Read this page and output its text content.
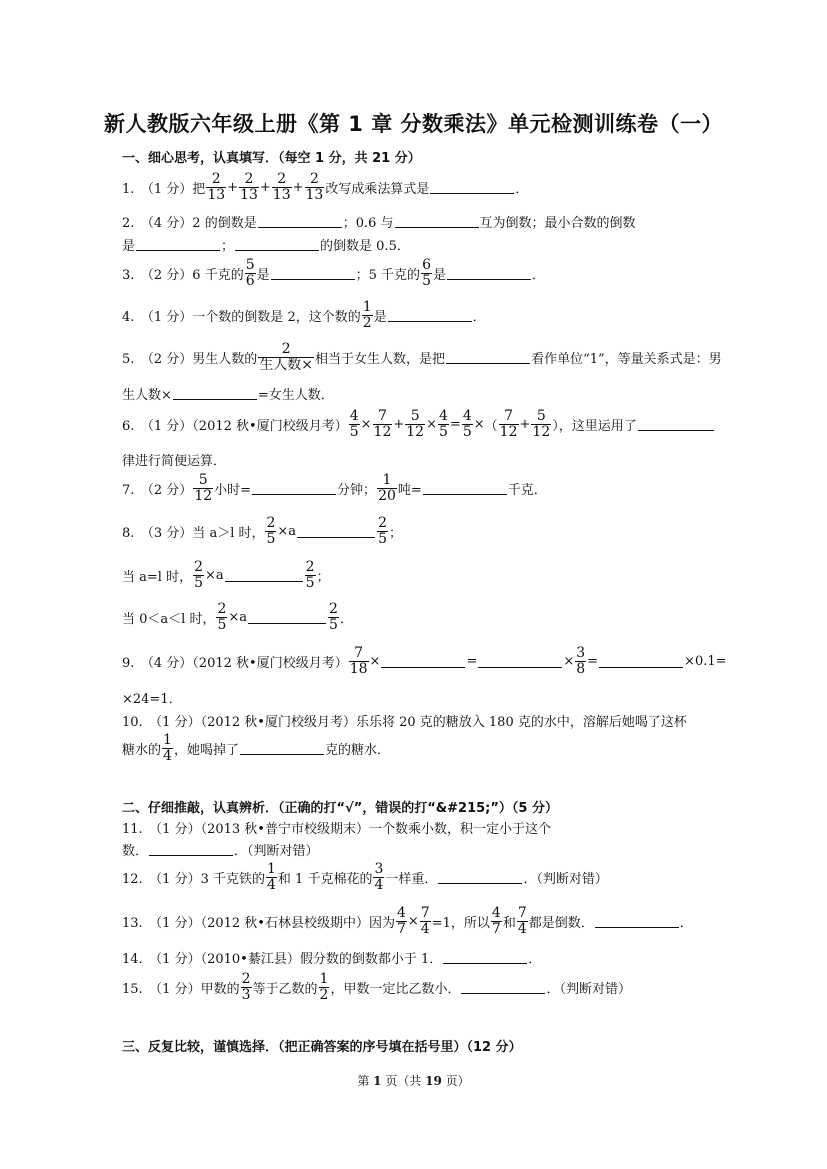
新人教版六年级上册《第 1 章 分数乘法》单元检测训练卷（一）
一、细心思考，认真填写．（每空 1 分，共 21 分）
1.　（1 分）把 $\frac{2}{13} + \frac{2}{13} + \frac{2}{13} + \frac{2}{13}$ 改写成乘法算式是	．
2.　（4 分）2 的倒数是	；0.6 与	互为倒数；最小合数的倒数
是	；	的倒数是 0.5．
3.　（2 分）6 千克的 $\frac{5}{6}$ 是	；5 千克的 $\frac{6}{5}$ 是	．
4.　（1 分）一个数的倒数是 2，这个数的 $\frac{1}{2}$ 是	．
5.　（2 分）男生人数的 $\frac{2}{\text{生人数×}}$ 相当于女生人数，是把	看作单位“1”，等量关系式是：男
生人数×	=女生人数．
6.　（1 分）（2012 秋•厦门校级月考） $\frac{4}{5} \times \frac{7}{12} + \frac{5}{12} \times \frac{4}{5} = \frac{4}{5}$ × （ $\frac{7}{12} + \frac{5}{12}$ ），这里运用了
律进行简便运算．
7.　（2 分） $\frac{5}{12}$ 小时=	分钟； $\frac{1}{20}$ 吨=	千克．
8.　（3 分）当 a＞l 时， $\frac{2}{5} \times a$	$\frac{2}{5}$ ；
当 a=l 时， $\frac{2}{5} \times a$	$\frac{2}{5}$ ；
当 0＜a＜l 时， $\frac{2}{5} \times a$	$\frac{2}{5}$ ．
9.　（4 分）（2012 秋•厦门校级月考） $\frac{7}{18}$ ×	=	× $\frac{3}{8}$ =	×0.1=
×24=1．
10.　（1 分）（2012 秋•厦门校级月考）乐乐将 20 克的糖放入 180 克的水中，溶解后她喝了这杯
糖水的 $\frac{1}{4}$ ，她喝掉了	克的糖水．
二、仔细推敲，认真辨析．（正确的打“√”，错误的打“&#215;”）（5 分）
11.　（1 分）（2013 秋•普宁市校级期末）一个数乘小数，积一定小于这个
数．	．（判断对错）
12.　（1 分）3 千克铁的 $\frac{1}{4}$ 和 1 千克棉花的 $\frac{3}{4}$ 一样重．	．（判断对错）
13.　（1 分）（2012 秋•石林县校级期中）因为 $\frac{4}{7} \times \frac{7}{4} =1$，所以 $\frac{4}{7}$ 和 $\frac{7}{4}$ 都是倒数．	．
14.　（1 分）（2010•綦江县）假分数的倒数都小于 1．	．
15.　（1 分）甲数的 $\frac{2}{3}$ 等于乙数的 $\frac{1}{2}$ ，甲数一定比乙数小．	．（判断对错）
三、反复比较，谨慎选择．（把正确答案的序号填在括号里）（12 分）
第 1 页（共 19 页）
